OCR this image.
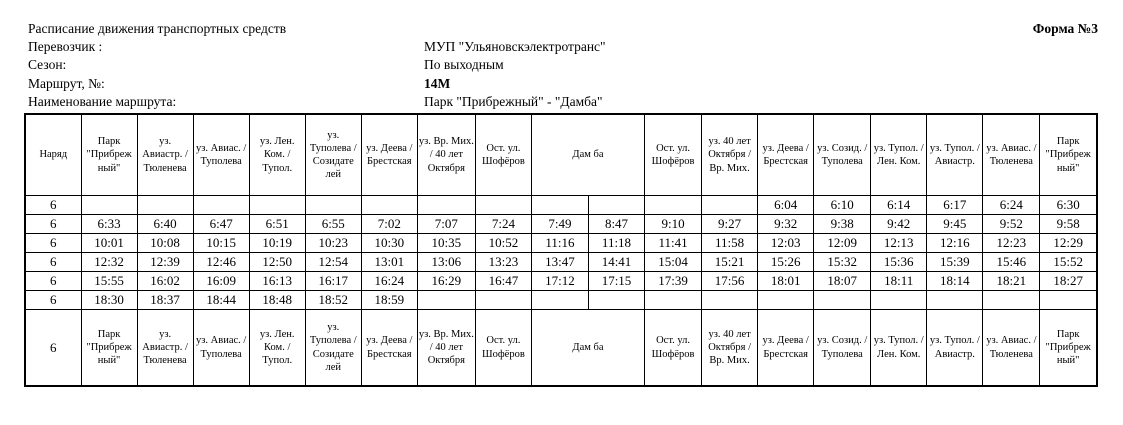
Расписание движения транспортных средств	Форма №3
Перевозчик :	МУП "Ульяновскэлектротранс"
Сезон:	По выходным
Маршрут, №:	14М
Наименование маршрута:	Парк "Прибрежный" - "Дамба"
Наряд	Парк "Прибреж ный"	уз. Авиастр. / Тюленева	уз. Авиас. / Туполева	уз. Лен. Ком. / Тупол.	уз. Туполева / Созидате лей	уз. Деева / Брестская	уз. Вр. Мих. / 40 лет Октября	Ост. ул. Шофёров	Дам ба		Ост. ул. Шофёров	уз. 40 лет Октября / Вр. Мих.	уз. Деева / Брестская	уз. Созид. / Туполева	уз. Тупол. / Лен. Ком.	уз. Тупол. / Авиастр.	уз. Авиас. / Тюленева	Парк "Прибреж ный"
6													6:04	6:10	6:14	6:17	6:24	6:30
6	6:33	6:40	6:47	6:51	6:55	7:02	7:07	7:24	7:49	8:47	9:10	9:27	9:32	9:38	9:42	9:45	9:52	9:58
6	10:01	10:08	10:15	10:19	10:23	10:30	10:35	10:52	11:16	11:18	11:41	11:58	12:03	12:09	12:13	12:16	12:23	12:29
6	12:32	12:39	12:46	12:50	12:54	13:01	13:06	13:23	13:47	14:41	15:04	15:21	15:26	15:32	15:36	15:39	15:46	15:52
6	15:55	16:02	16:09	16:13	16:17	16:24	16:29	16:47	17:12	17:15	17:39	17:56	18:01	18:07	18:11	18:14	18:21	18:27
6	18:30	18:37	18:44	18:48	18:52	18:59												
6	Парк "Прибреж ный"	уз. Авиастр. / Тюленева	уз. Авиас. / Туполева	уз. Лен. Ком. / Тупол.	уз. Туполева / Созидате лей	уз. Деева / Брестская	уз. Вр. Мих. / 40 лет Октября	Ост. ул. Шофёров	Дам ба		Ост. ул. Шофёров	уз. 40 лет Октября / Вр. Мих.	уз. Деева / Брестская	уз. Созид. / Туполева	уз. Тупол. / Лен. Ком.	уз. Тупол. / Авиастр.	уз. Авиас. / Тюленева	Парк "Прибреж ный"
